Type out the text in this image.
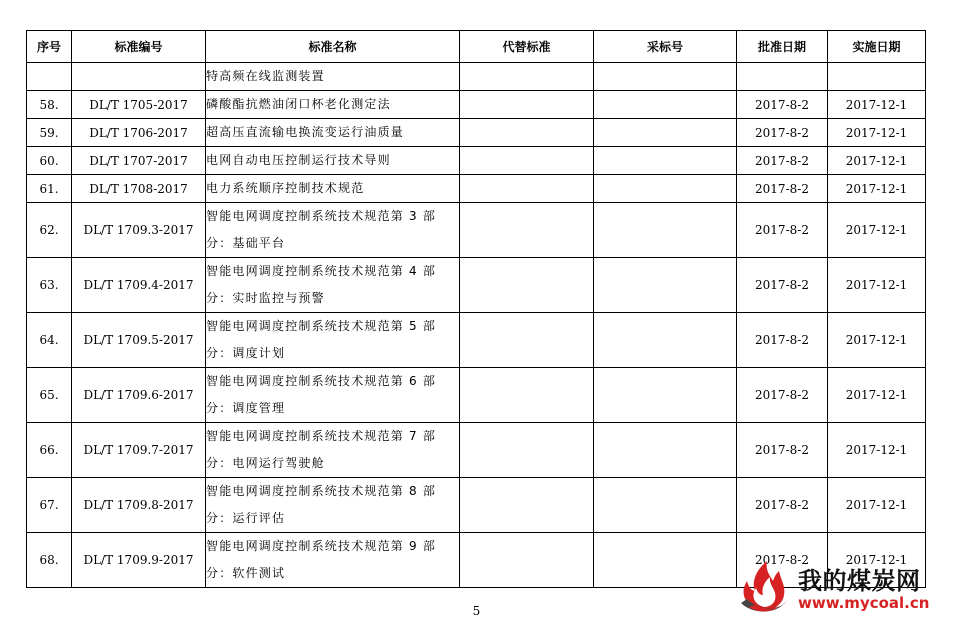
序号	标准编号	标准名称	代替标准	采标号	批准日期	实施日期

		特高频在线监测装置				

58.	DL/T 1705-2017	磷酸酯抗燃油闭口杯老化测定法			2017-8-2	2017-12-1
59.	DL/T 1706-2017	超高压直流输电换流变运行油质量			2017-8-2	2017-12-1
60.	DL/T 1707-2017	电网自动电压控制运行技术导则			2017-8-2	2017-12-1
61.	DL/T 1708-2017	电力系统顺序控制技术规范			2017-8-2	2017-12-1
62.	DL/T 1709.3-2017	智能电网调度控制系统技术规范第 3 部
分：基础平台			2017-8-2	2017-12-1
63.	DL/T 1709.4-2017	智能电网调度控制系统技术规范第 4 部
分：实时监控与预警			2017-8-2	2017-12-1
64.	DL/T 1709.5-2017	智能电网调度控制系统技术规范第 5 部
分：调度计划			2017-8-2	2017-12-1
65.	DL/T 1709.6-2017	智能电网调度控制系统技术规范第 6 部
分：调度管理			2017-8-2	2017-12-1
66.	DL/T 1709.7-2017	智能电网调度控制系统技术规范第 7 部
分：电网运行驾驶舱			2017-8-2	2017-12-1
67.	DL/T 1709.8-2017	智能电网调度控制系统技术规范第 8 部
分：运行评估			2017-8-2	2017-12-1
68.	DL/T 1709.9-2017	智能电网调度控制系统技术规范第 9 部
分：软件测试			2017-8-2	2017-12-1
5
我的煤炭网
www.mycoal.cn
